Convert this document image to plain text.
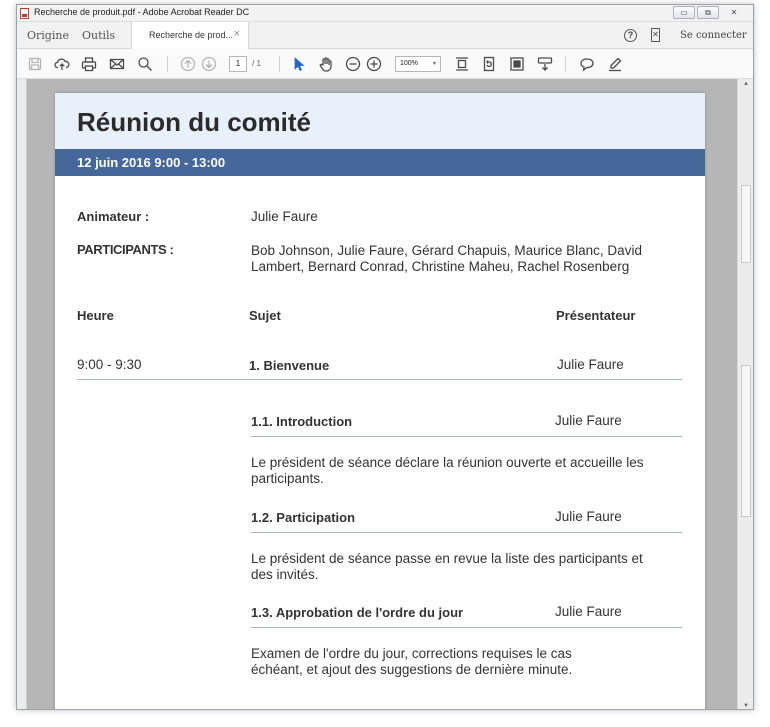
Recherche de produit.pdf - Adobe Acrobat Reader DC	▭	⧉	✕
Origine Outils	Recherche de prod... ×	?	✕ Se connecter
1	/ 1	100%	▾
Réunion du comité
12 juin 2016 9:00 - 13:00
Animateur :	Julie Faure
PARTICIPANTS :	Bob Johnson, Julie Faure, Gérard Chapuis, Maurice Blanc, David
Lambert, Bernard Conrad, Christine Maheu, Rachel Rosenberg
Heure	Sujet	Présentateur
9:00 - 9:30	1. Bienvenue	Julie Faure
1.1. Introduction	Julie Faure
Le président de séance déclare la réunion ouverte et accueille les
participants.
1.2. Participation	Julie Faure
Le président de séance passe en revue la liste des participants et
des invités.
1.3. Approbation de l'ordre du jour	Julie Faure
Examen de l'ordre du jour, corrections requises le cas
échéant, et ajout des suggestions de dernière minute.
▲
▼
